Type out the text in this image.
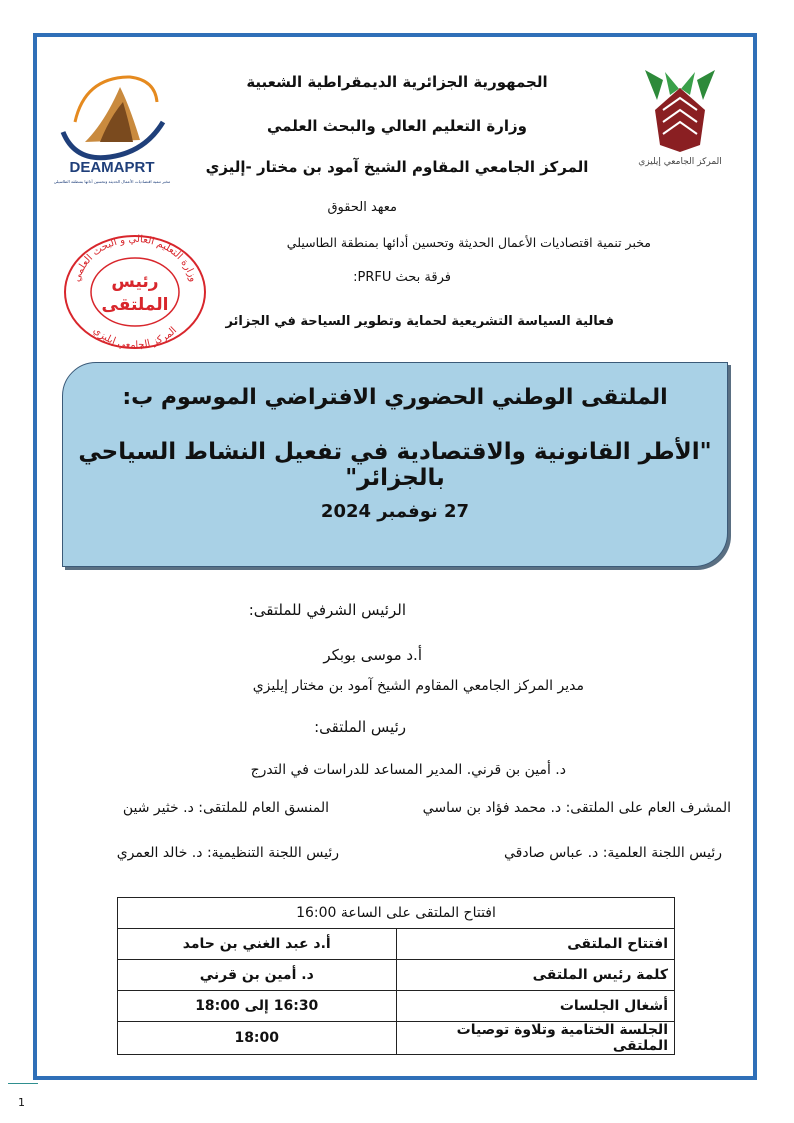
DEAMAPRT
مخبر تنمية اقتصاديات الأعمال الحديثة وتحسين أدائها بمنطقة الطاسيلي
المركز الجامعي إيليزي
الجمهورية الجزائرية الديمقراطية الشعبية
وزارة التعليم العالي والبحث العلمي
المركز الجامعي المقاوم الشيخ آمود بن مختار -إليزي
معهد الحقوق
مخبر تنمية اقتصاديات الأعمال الحديثة وتحسين أدائها بمنطقة الطاسيلي
فرقة بحث PRFU:
فعالية السياسة التشريعية لحماية وتطوير السياحة في الجزائر
وزارة التعليم العالي و البحث العلمي
المركز الجامعي إيليزي
رئيس
الملتقى
الملتقى الوطني الحضوري الافتراضي الموسوم ب:
"الأطر القانونية والاقتصادية في تفعيل النشاط السياحي بالجزائر"
27 نوفمبر 2024
الرئيس الشرفي للملتقى:
أ.د موسى بوبكر
مدير المركز الجامعي المقاوم الشيخ آمود بن مختار إيليزي
رئيس الملتقى:
د. أمين بن قرني. المدير المساعد للدراسات في التدرج
المشرف العام على الملتقى: د. محمد فؤاد بن ساسي
المنسق العام للملتقى: د. خثير شين
رئيس اللجنة العلمية: د. عباس صادقي
رئيس اللجنة التنظيمية: د. خالد العمري
افتتاح الملتقى على الساعة 16:00	
افتتاح الملتقى	أ.د عبد الغني بن حامد
كلمة رئيس الملتقى	د. أمين بن قرني
أشغال الجلسات	16:30 إلى 18:00
الجلسة الختامية وتلاوة توصيات الملتقى	18:00
1
